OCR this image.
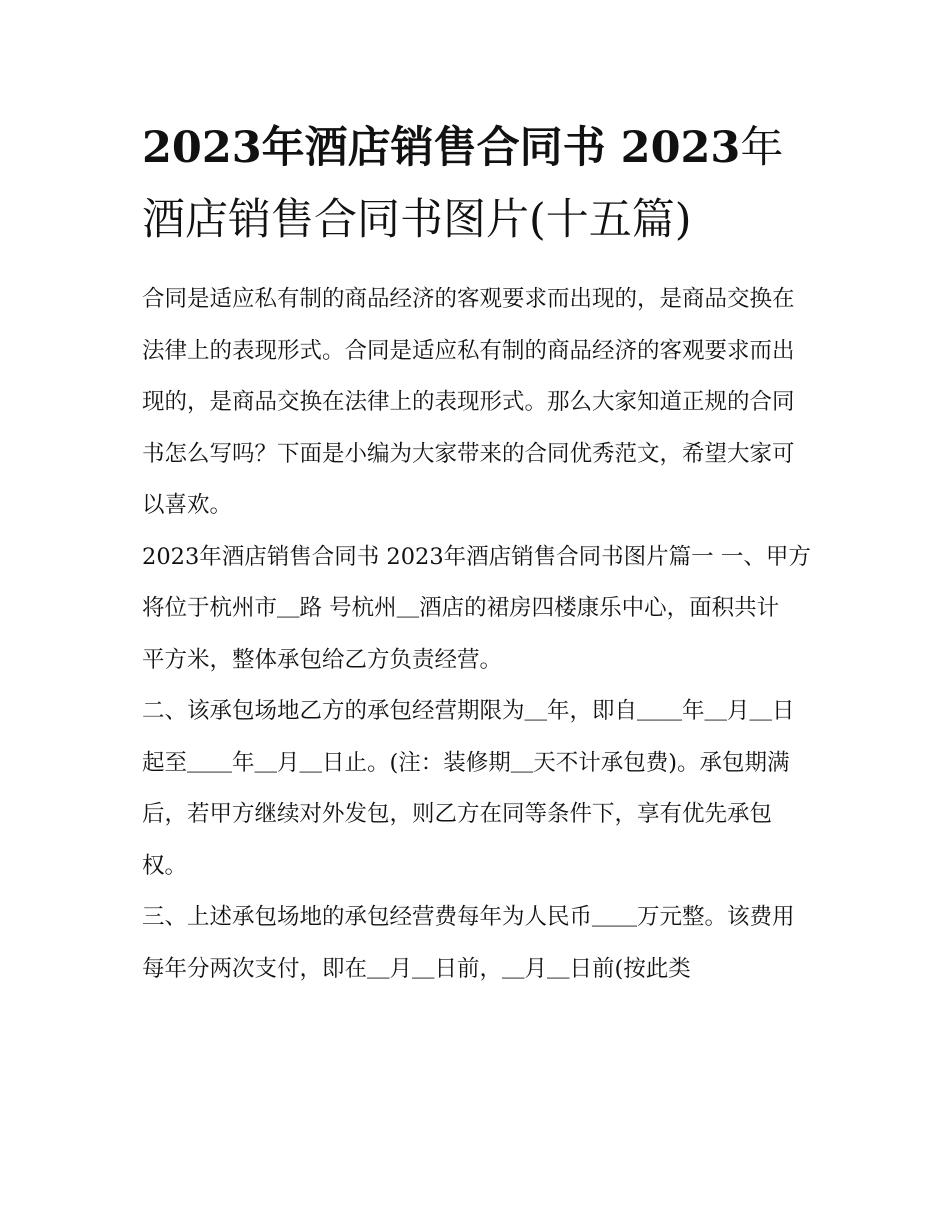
2023年酒店销售合同书 2023年酒店销售合同书图片(十五篇)

合同是适应私有制的商品经济的客观要求而出现的，是商品交换在法律上的表现形式。合同是适应私有制的商品经济的客观要求而出现的，是商品交换在法律上的表现形式。那么大家知道正规的合同书怎么写吗？下面是小编为大家带来的合同优秀范文，希望大家可以喜欢。

2023年酒店销售合同书 2023年酒店销售合同书图片篇一 一、甲方将位于杭州市＿路 号杭州＿酒店的裙房四楼康乐中心，面积共计

平方米，整体承包给乙方负责经营。

二、该承包场地乙方的承包经营期限为＿年，即自＿＿年＿月＿日起至＿＿年＿月＿日止。(注：装修期＿天不计承包费)。承包期满后，若甲方继续对外发包，则乙方在同等条件下，享有优先承包权。

三、上述承包场地的承包经营费每年为人民币＿＿万元整。该费用每年分两次支付，即在＿月＿日前，＿月＿日前(按此类
